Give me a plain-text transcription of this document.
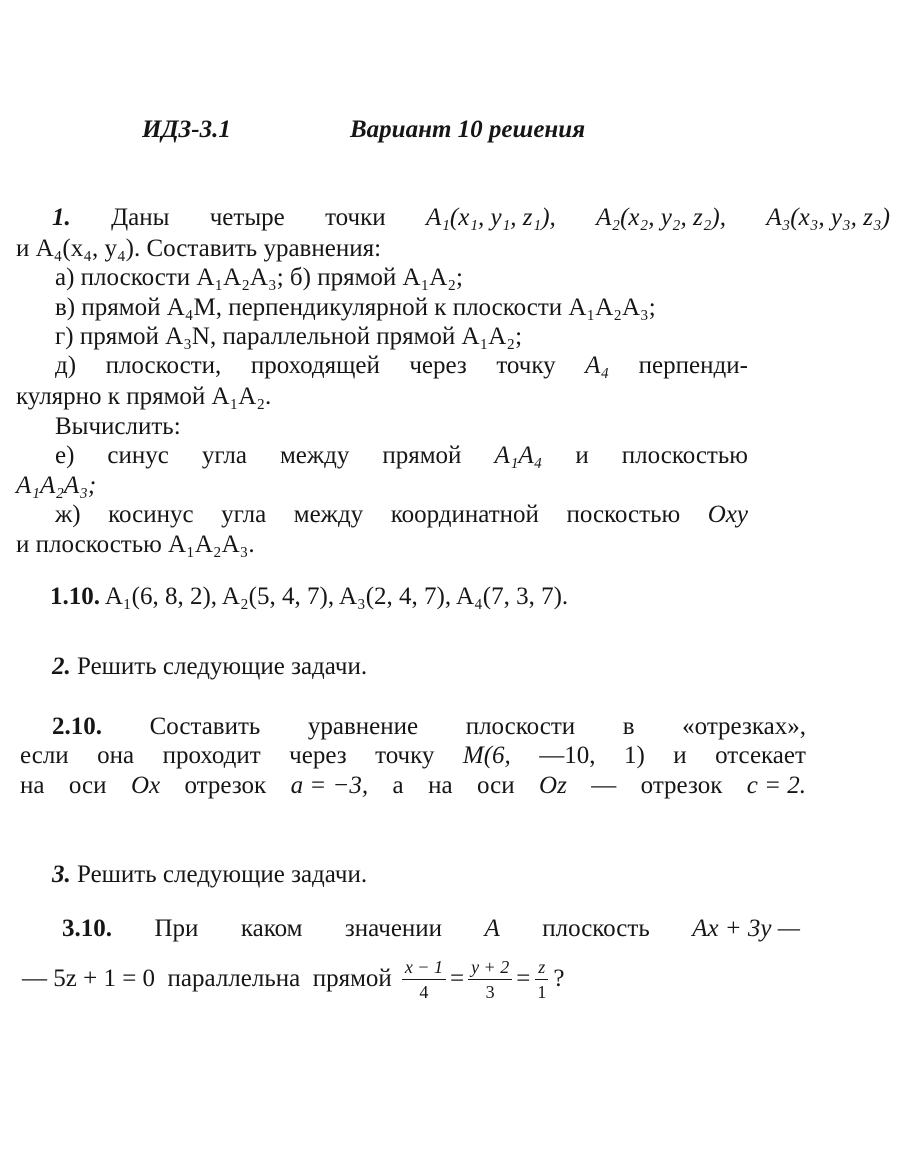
ИДЗ-3.1	Вариант 10 решения
1. Даны четыре точки A₁(x₁, y₁, z₁), A₂(x₂, y₂, z₂), A₃(x₃, y₃, z₃)
и A₄(x₄, y₄). Составить уравнения:
а) плоскости A₁A₂A₃; б) прямой A₁A₂;
в) прямой A₄M, перпендикулярной к плоскости A₁A₂A₃;
г) прямой A₃N, параллельной прямой A₁A₂;
д) плоскости, проходящей через точку A₄ перпенди-
кулярно к прямой A₁A₂.
Вычислить:
е) синус угла между прямой A₁A₄ и плоскостью
A₁A₂A₃;
ж) косинус угла между координатной поскостью Oxy
и плоскостью A₁A₂A₃.
1.10. A₁(6, 8, 2), A₂(5, 4, 7), A₃(2, 4, 7), A₄(7, 3, 7).
2. Решить следующие задачи.
2.10. Составить уравнение плоскости в «отрезках»,
если она проходит через точку M(6, —10, 1) и отсекает
на оси Ox отрезок a = −3, а на оси Oz — отрезок c = 2.
3. Решить следующие задачи.
3.10. При каком значении A плоскость Ax + 3y —
— 5z + 1 = 0  параллельна  прямой $\frac{x - 1}{4} = \frac{y + 2}{3} = \frac{z}{1}$ ?
